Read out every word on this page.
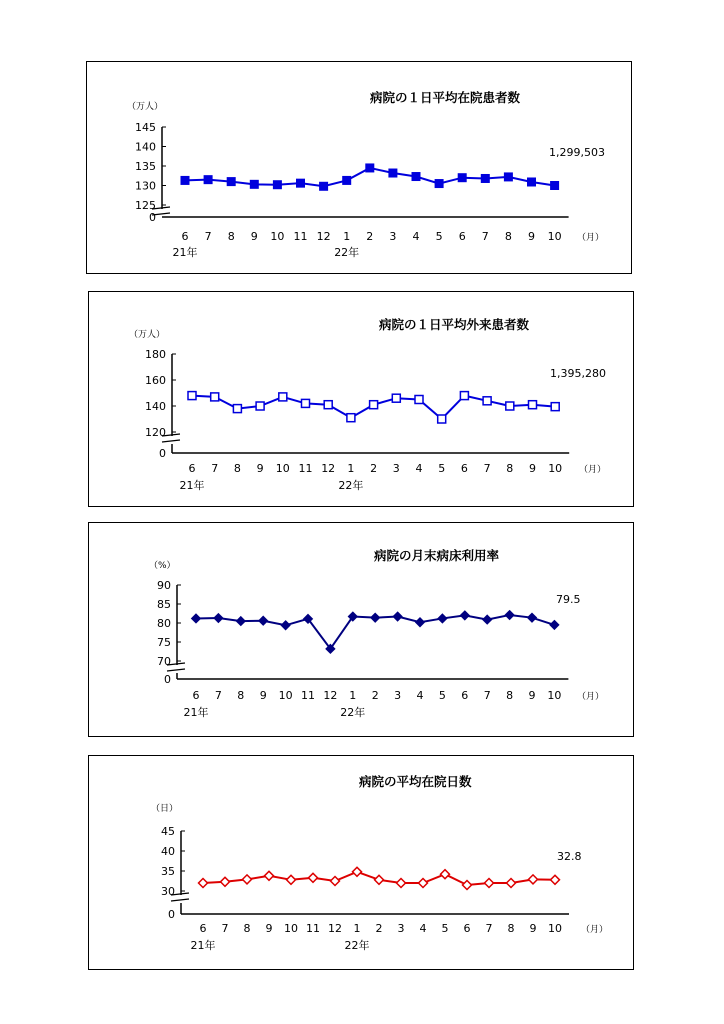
病院の１日平均在院患者数
（万人）
145
140
135
130
125
0
6 7 8 9 10 11 12 1 2 3 4 5 6 7 8 9 10 （月）
21年	22年
1,299,503
病院の１日平均外来患者数
（万人）
180
160
140
120
0
6 7 8 9 10 11 12 1 2 3 4 5 6 7 8 9 10 （月）
21年	22年
1,395,280
病院の月末病床利用率
（%）
90
85
80
75
70
0
6 7 8 9 10 11 12 1 2 3 4 5 6 7 8 9 10 （月）
21年	22年
79.5
病院の平均在院日数
（日）
45
40
35
30
0
6 7 8 9 10 11 12 1 2 3 4 5 6 7 8 9 10 （月）
21年	22年
32.8
